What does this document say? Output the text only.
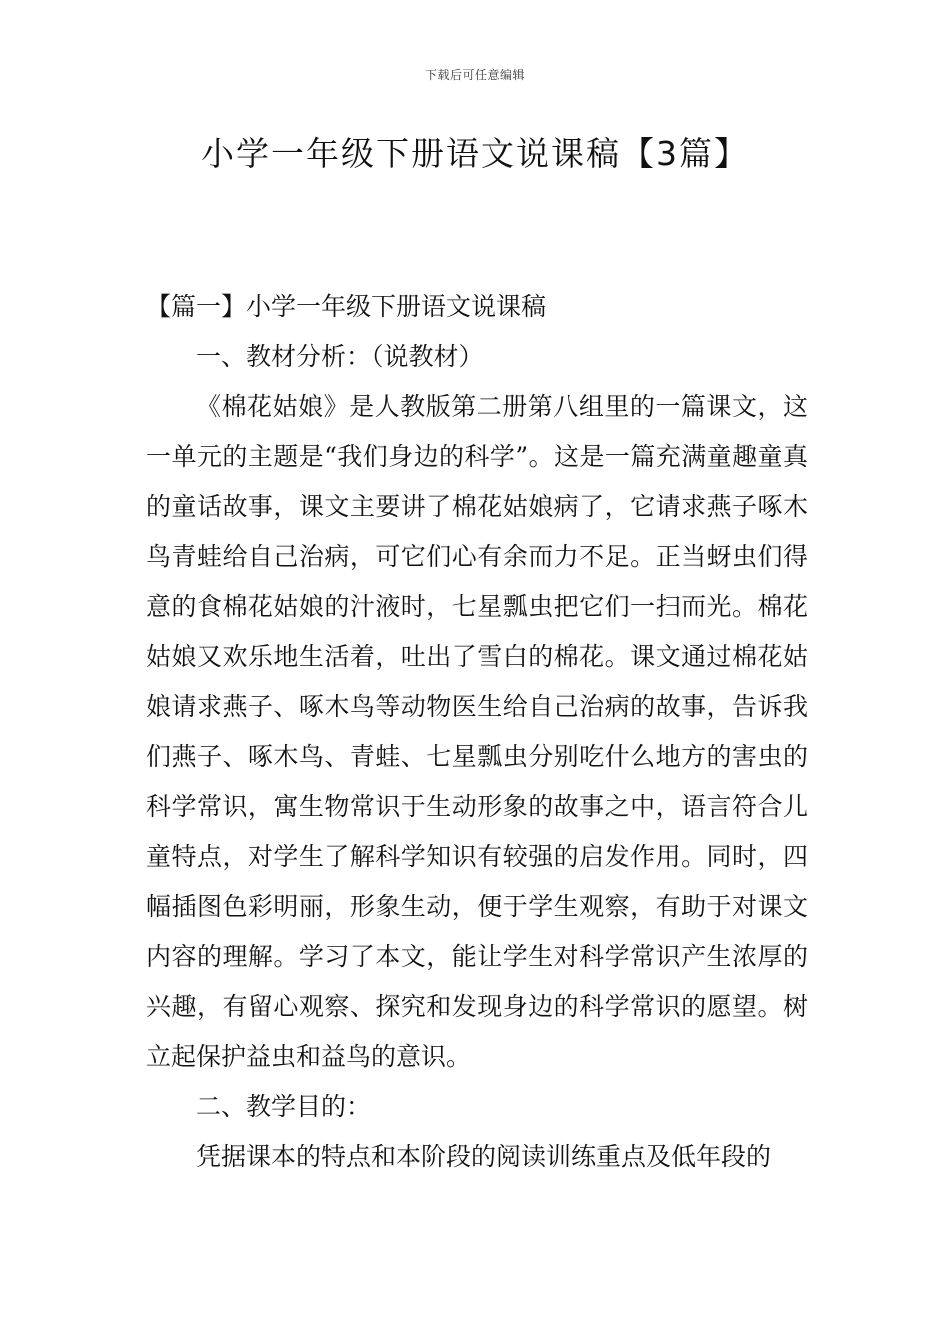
下载后可任意编辑
小学一年级下册语文说课稿【3篇】

【篇一】小学一年级下册语文说课稿

一、教材分析：（说教材）

《棉花姑娘》是人教版第二册第八组里的一篇课文，这一单元的主题是“我们身边的科学”。这是一篇充满童趣童真的童话故事，课文主要讲了棉花姑娘病了，它请求燕子啄木鸟青蛙给自己治病，可它们心有余而力不足。正当蚜虫们得意的食棉花姑娘的汁液时，七星瓢虫把它们一扫而光。棉花姑娘又欢乐地生活着，吐出了雪白的棉花。课文通过棉花姑娘请求燕子、啄木鸟等动物医生给自己治病的故事，告诉我们燕子、啄木鸟、青蛙、七星瓢虫分别吃什么地方的害虫的科学常识，寓生物常识于生动形象的故事之中，语言符合儿童特点，对学生了解科学知识有较强的启发作用。同时，四幅插图色彩明丽，形象生动，便于学生观察，有助于对课文内容的理解。学习了本文，能让学生对科学常识产生浓厚的兴趣，有留心观察、探究和发现身边的科学常识的愿望。树立起保护益虫和益鸟的意识。

二、教学目的：

凭据课本的特点和本阶段的阅读训练重点及低年段的
